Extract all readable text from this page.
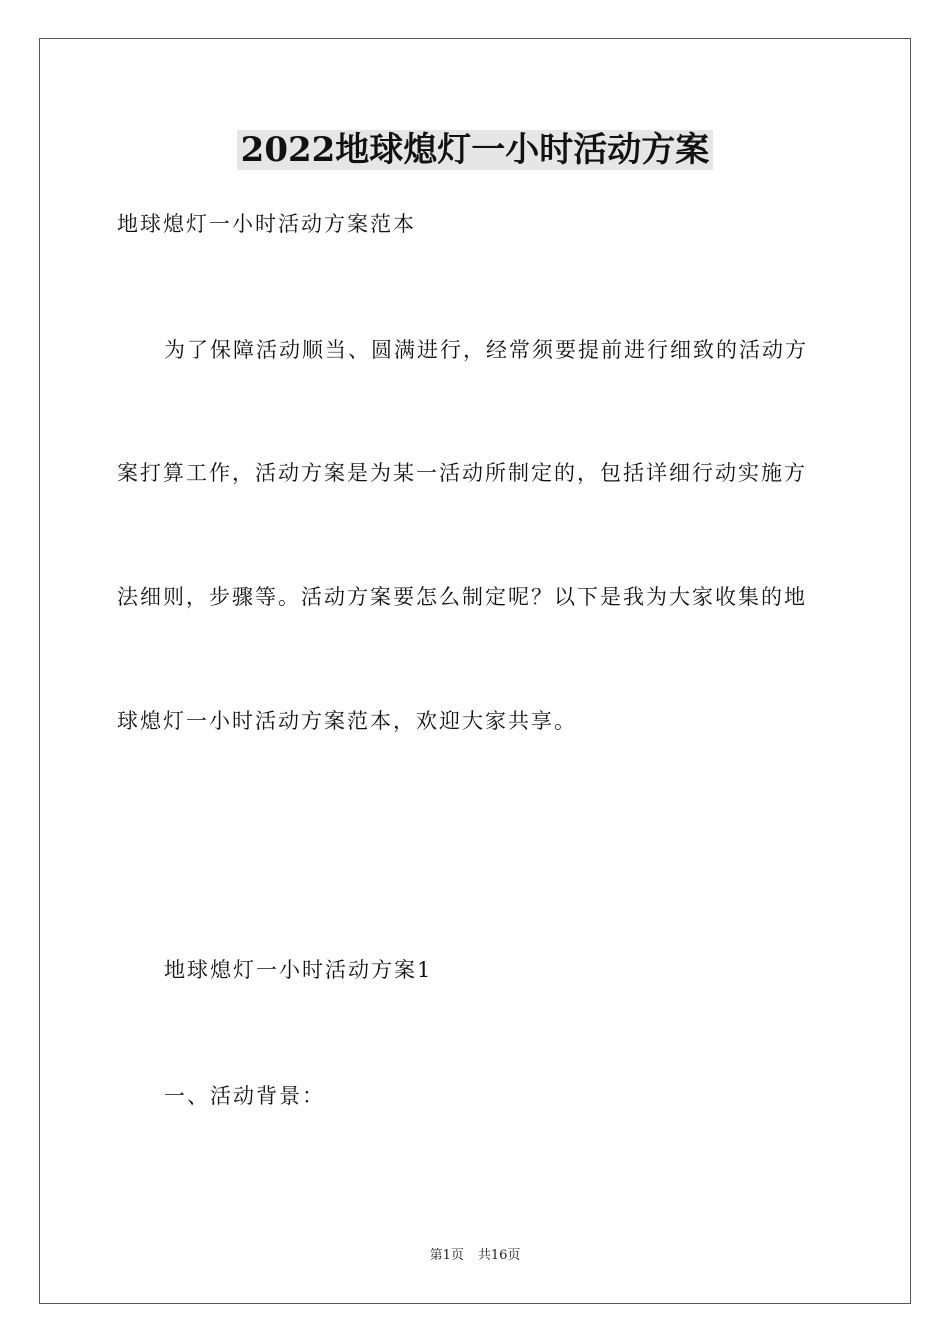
2022地球熄灯一小时活动方案

地球熄灯一小时活动方案范本

为了保障活动顺当、圆满进行，经常须要提前进行细致的活动方

案打算工作，活动方案是为某一活动所制定的，包括详细行动实施方

法细则，步骤等。活动方案要怎么制定呢？以下是我为大家收集的地

球熄灯一小时活动方案范本，欢迎大家共享。

地球熄灯一小时活动方案1

一、活动背景：

第1页 共16页
